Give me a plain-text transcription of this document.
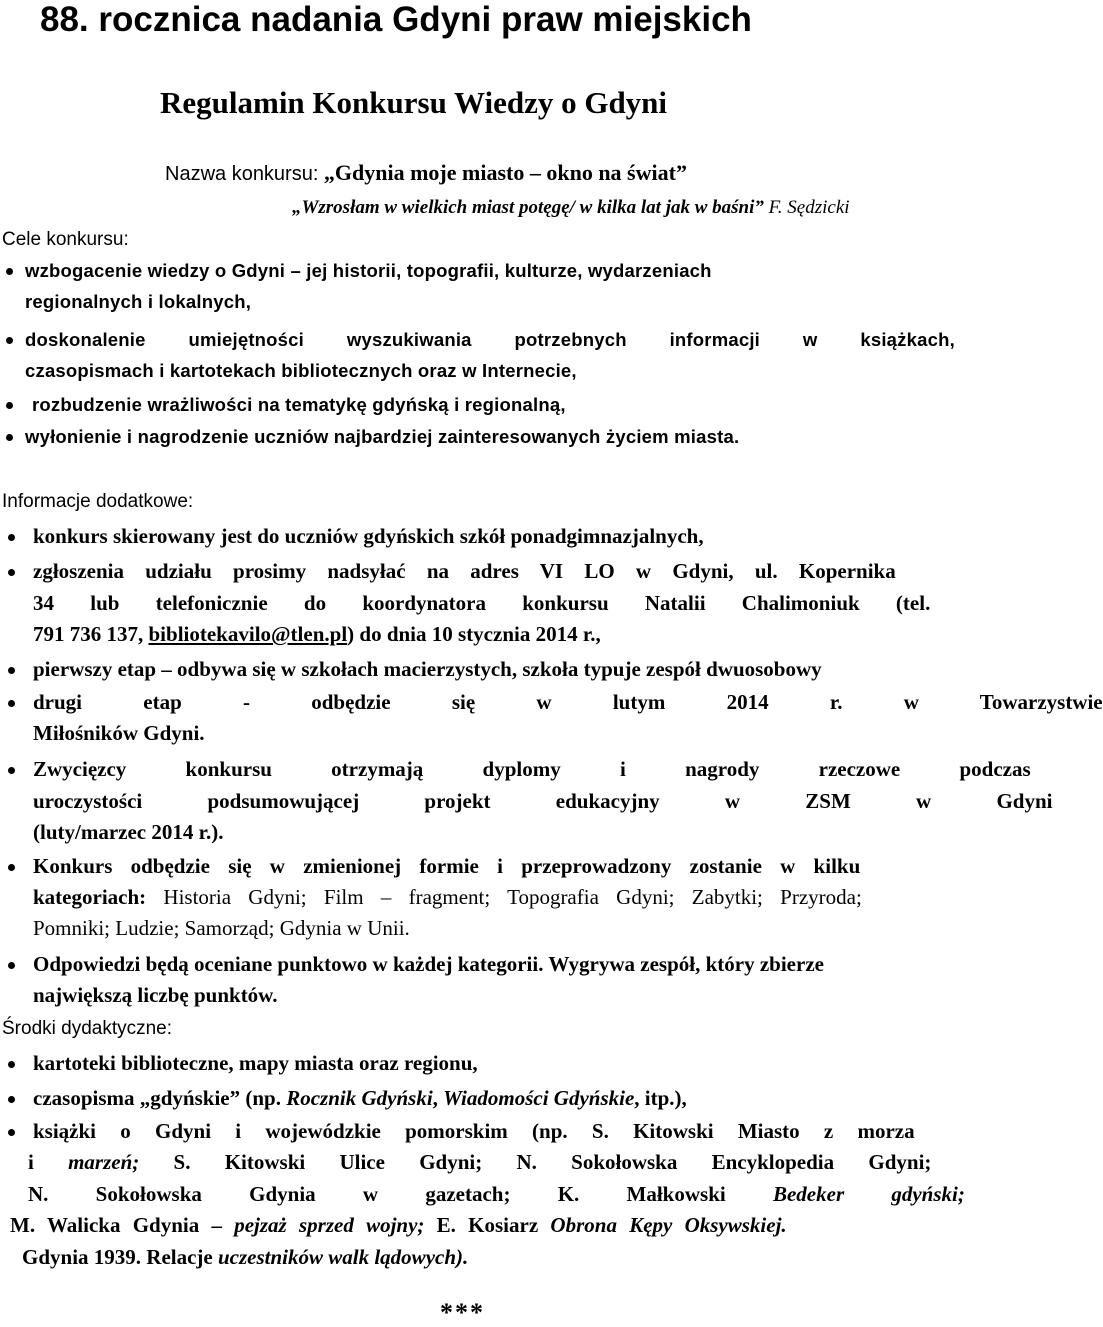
88. rocznica nadania Gdyni praw miejskich
Regulamin Konkursu Wiedzy o Gdyni
Nazwa konkursu: „Gdynia moje miasto – okno na świat”
„Wzrosłam w wielkich miast potęgę/ w kilka lat jak w baśni” F. Sędzicki
Cele konkursu:
wzbogacenie wiedzy o Gdyni – jej historii, topografii, kulturze, wydarzeniach
regionalnych i lokalnych,
doskonalenie umiejętności wyszukiwania potrzebnych informacji w książkach,
czasopismach i kartotekach bibliotecznych oraz w Internecie,
rozbudzenie wrażliwości na tematykę gdyńską i regionalną,
wyłonienie i nagrodzenie uczniów najbardziej zainteresowanych życiem miasta.
Informacje dodatkowe:
konkurs skierowany jest do uczniów gdyńskich szkół ponadgimnazjalnych,
zgłoszenia udziału prosimy nadsyłać na adres VI LO w Gdyni, ul. Kopernika
34 lub telefonicznie do koordynatora konkursu Natalii Chalimoniuk (tel.
791 736 137, bibliotekavilo@tlen.pl) do dnia 10 stycznia 2014 r.,
pierwszy etap – odbywa się w szkołach macierzystych, szkoła typuje zespół dwuosobowy
drugi etap - odbędzie się w lutym 2014 r. w Towarzystwie
Miłośników Gdyni.
Zwycięzcy konkursu otrzymają dyplomy i nagrody rzeczowe podczas
uroczystości podsumowującej projekt edukacyjny w ZSM w Gdyni
(luty/marzec 2014 r.).
Konkurs odbędzie się w zmienionej formie i przeprowadzony zostanie w kilku
kategoriach: Historia Gdyni; Film – fragment; Topografia Gdyni; Zabytki; Przyroda;
Pomniki; Ludzie; Samorząd; Gdynia w Unii.
Odpowiedzi będą oceniane punktowo w każdej kategorii. Wygrywa zespół, który zbierze
największą liczbę punktów.
Środki dydaktyczne:
kartoteki biblioteczne, mapy miasta oraz regionu,
czasopisma „gdyńskie” (np. Rocznik Gdyński, Wiadomości Gdyńskie, itp.),
książki o Gdyni i wojewódzkie pomorskim (np. S. Kitowski Miasto z morza
i marzeń; S. Kitowski Ulice Gdyni; N. Sokołowska Encyklopedia Gdyni;
N. Sokołowska Gdynia w gazetach; K. Małkowski Bedeker gdyński;
M. Walicka Gdynia – pejzaż sprzed wojny; E. Kosiarz Obrona Kępy Oksywskiej.
Gdynia 1939. Relacje uczestników walk lądowych).
***
